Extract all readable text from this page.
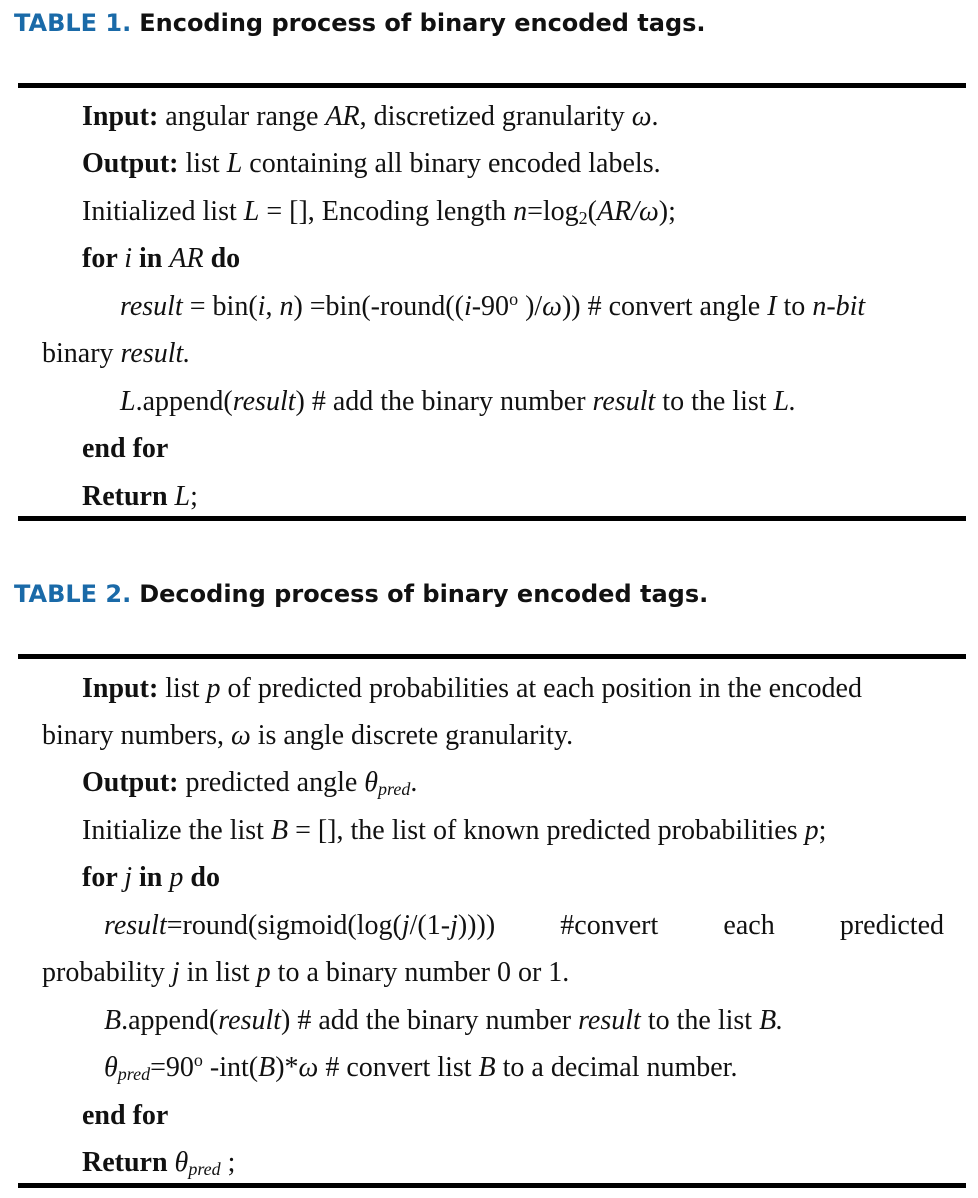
TABLE 1. Encoding process of binary encoded tags.
Input: angular range AR, discretized granularity ω.
Output: list L containing all binary encoded labels.
Initialized list L = [], Encoding length $n=\log_2(AR/\omega)$;
for i in AR do
result = bin(i, $n) =bin(-round((i-90^o$ )/ω)) # convert angle I to n-bit
binary result.
L.append(result) # add the binary number result to the list L.
end for
Return L;
TABLE 2. Decoding process of binary encoded tags.
Input: list p of predicted probabilities at each position in the encoded
binary numbers, ω is angle discrete granularity.
Output: predicted angle $\theta_{pred}$.
Initialize the list B = [], the list of known predicted probabilities p;
for j in p do
result=round(sigmoid(log(j/(1-j)))) #convert each predicted
probability j in list p to a binary number 0 or 1.
B.append(result) # add the binary number result to the list B.
$\theta_{pred}=90^o$ -int(B)*ω # convert list B to a decimal number.
end for
Return $\theta_{pred}$ ;
